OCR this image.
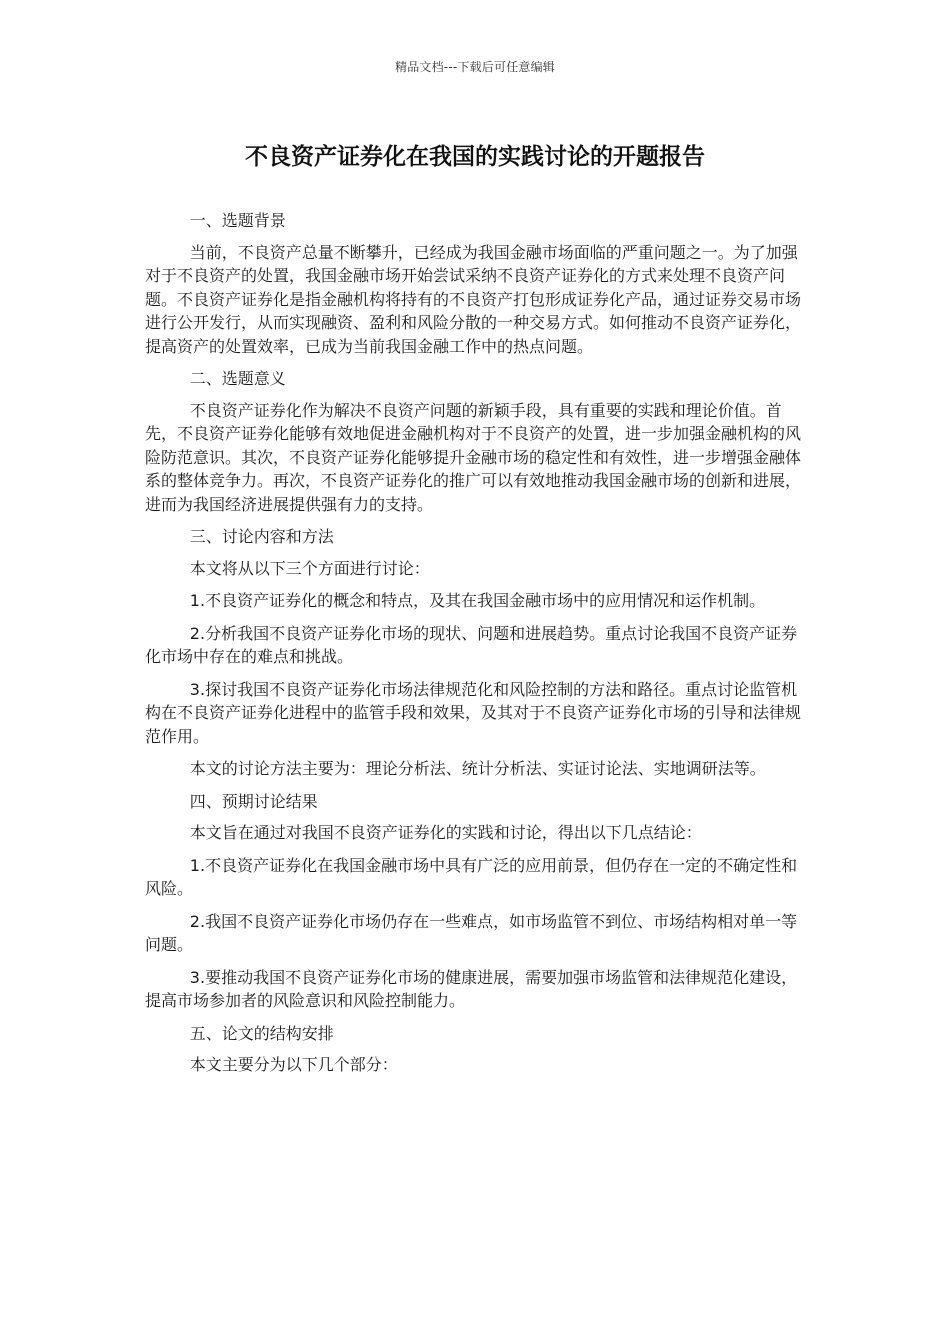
精品文档---下载后可任意编辑
不良资产证券化在我国的实践讨论的开题报告

一、选题背景

当前，不良资产总量不断攀升，已经成为我国金融市场面临的严重问题之一。为了加强对于不良资产的处置，我国金融市场开始尝试采纳不良资产证券化的方式来处理不良资产问题。不良资产证券化是指金融机构将持有的不良资产打包形成证券化产品，通过证券交易市场进行公开发行，从而实现融资、盈利和风险分散的一种交易方式。如何推动不良资产证券化，提高资产的处置效率，已成为当前我国金融工作中的热点问题。

二、选题意义

不良资产证券化作为解决不良资产问题的新颖手段，具有重要的实践和理论价值。首先，不良资产证券化能够有效地促进金融机构对于不良资产的处置，进一步加强金融机构的风险防范意识。其次，不良资产证券化能够提升金融市场的稳定性和有效性，进一步增强金融体系的整体竞争力。再次，不良资产证券化的推广可以有效地推动我国金融市场的创新和进展，进而为我国经济进展提供强有力的支持。

三、讨论内容和方法

本文将从以下三个方面进行讨论：

1.不良资产证券化的概念和特点，及其在我国金融市场中的应用情况和运作机制。

2.分析我国不良资产证券化市场的现状、问题和进展趋势。重点讨论我国不良资产证券化市场中存在的难点和挑战。

3.探讨我国不良资产证券化市场法律规范化和风险控制的方法和路径。重点讨论监管机构在不良资产证券化进程中的监管手段和效果，及其对于不良资产证券化市场的引导和法律规范作用。

本文的讨论方法主要为：理论分析法、统计分析法、实证讨论法、实地调研法等。

四、预期讨论结果

本文旨在通过对我国不良资产证券化的实践和讨论，得出以下几点结论：

1.不良资产证券化在我国金融市场中具有广泛的应用前景，但仍存在一定的不确定性和风险。

2.我国不良资产证券化市场仍存在一些难点，如市场监管不到位、市场结构相对单一等问题。

3.要推动我国不良资产证券化市场的健康进展，需要加强市场监管和法律规范化建设，提高市场参加者的风险意识和风险控制能力。

五、论文的结构安排

本文主要分为以下几个部分：
